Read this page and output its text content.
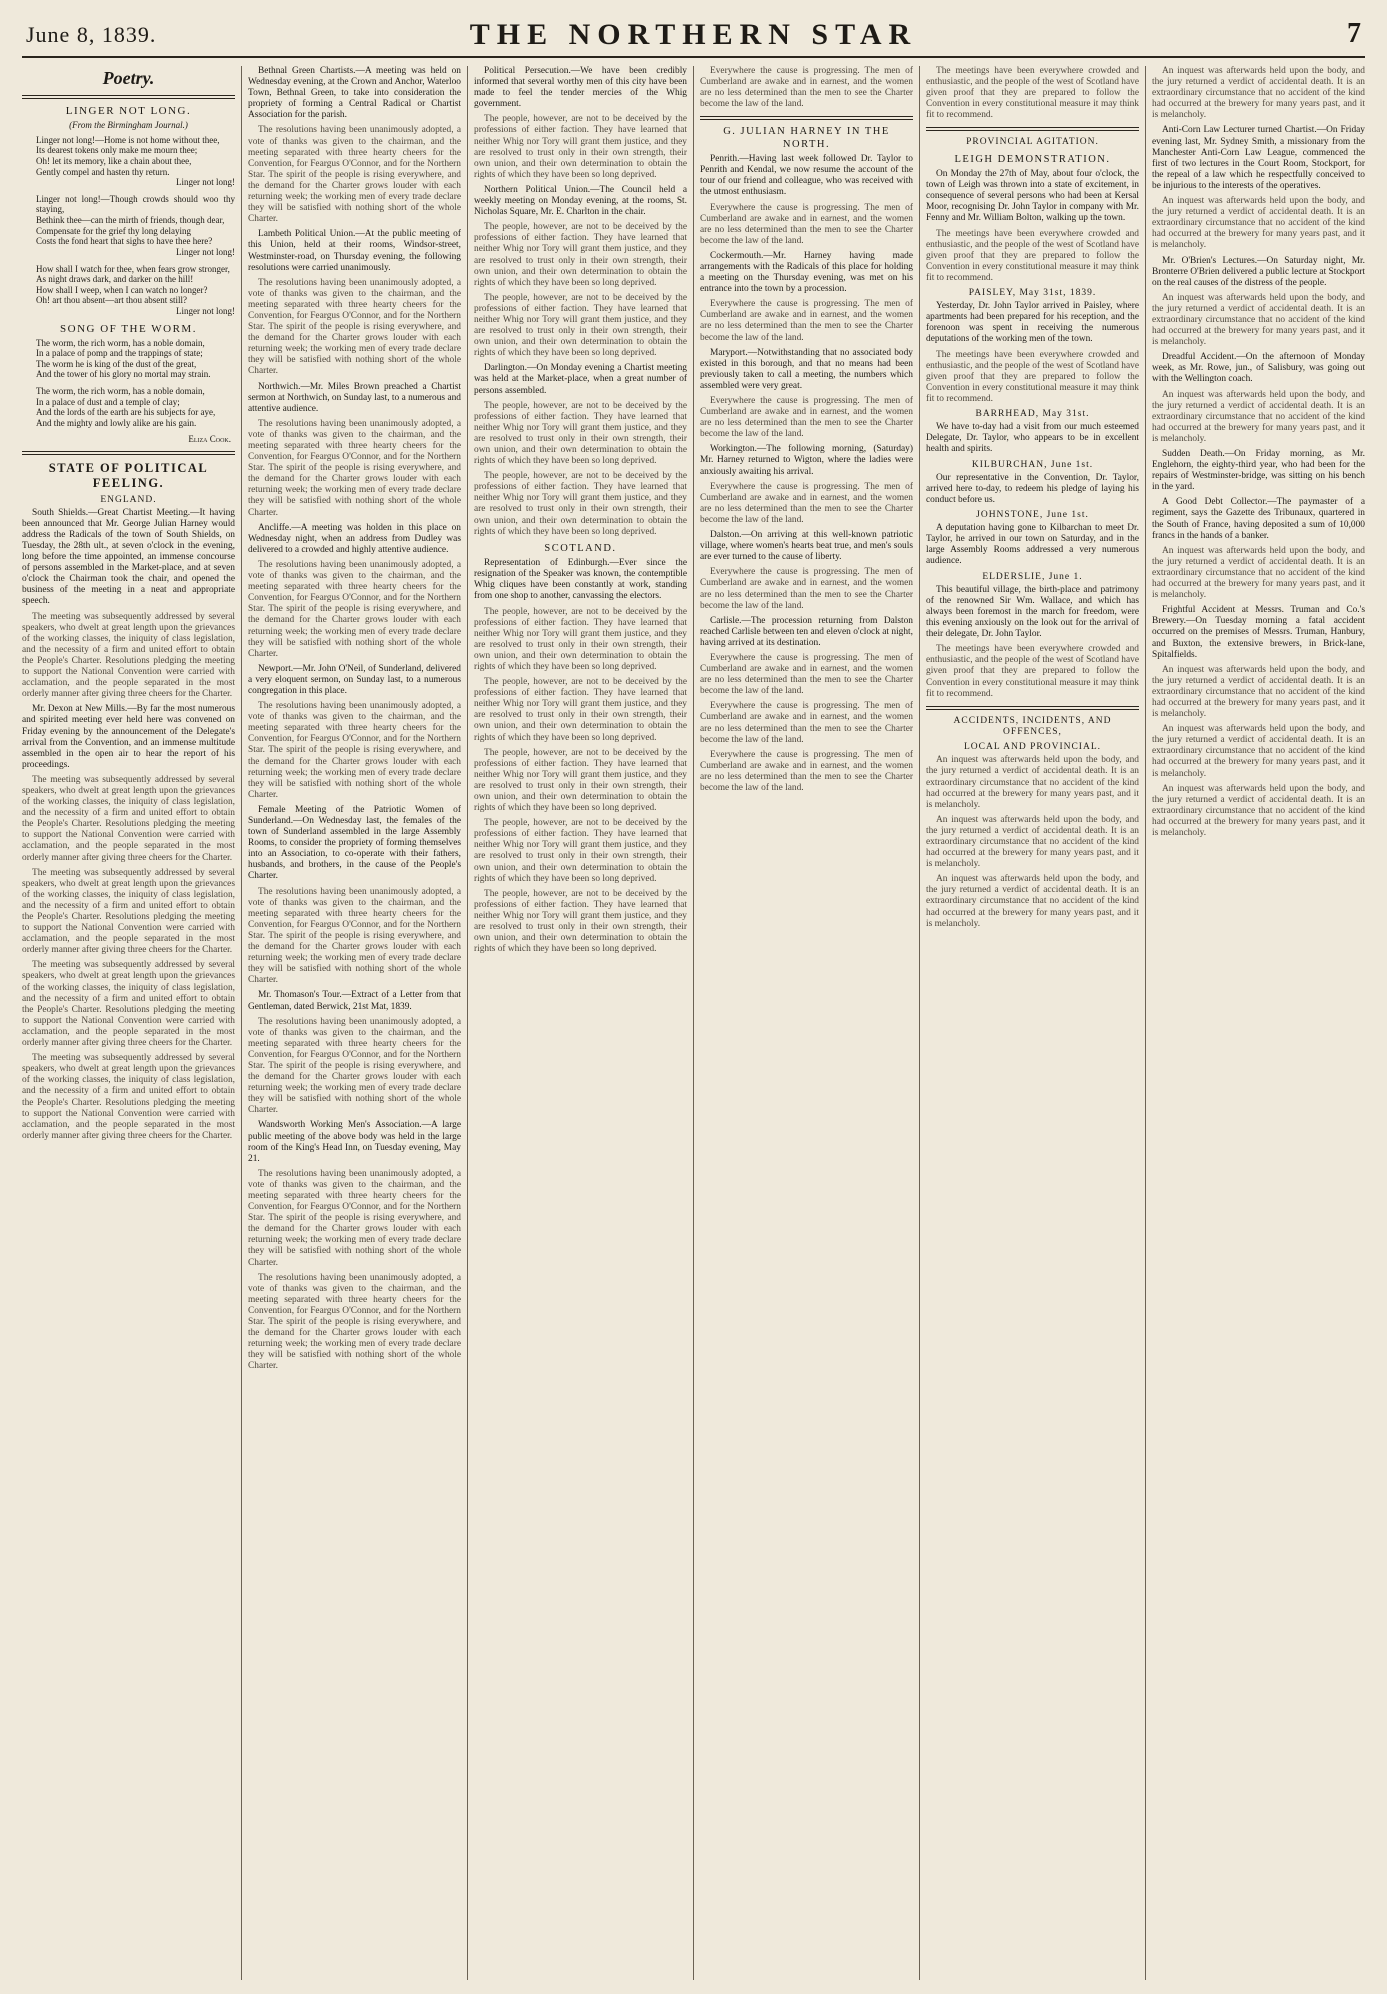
June 8, 1839.	THE NORTHERN STAR	7
Poetry.
LINGER NOT LONG.
(From the Birmingham Journal.)
Linger not long!—Home is not home without thee,
Its dearest tokens only make me mourn thee;
Oh! let its memory, like a chain about thee,
Gently compel and hasten thy return.
Linger not long!
Linger not long!—Though crowds should woo thy staying,
Bethink thee—can the mirth of friends, though dear,
Compensate for the grief thy long delaying
Costs the fond heart that sighs to have thee here?
Linger not long!
How shall I watch for thee, when fears grow stronger,
As night draws dark, and darker on the hill!
How shall I weep, when I can watch no longer?
Oh! art thou absent—art thou absent still?
Linger not long!
SONG OF THE WORM.
The worm, the rich worm, has a noble domain,
In a palace of pomp and the trappings of state;
The worm he is king of the dust of the great,
And the tower of his glory no mortal may strain.
The worm, the rich worm, has a noble domain,
In a palace of dust and a temple of clay;
And the lords of the earth are his subjects for aye,
And the mighty and lowly alike are his gain.
Eliza Cook.
STATE OF POLITICAL FEELING.
ENGLAND.

South Shields.—Great Chartist Meeting.—It having been announced that Mr. George Julian Harney would address the Radicals of the town of South Shields, on Tuesday, the 28th ult., at seven o'clock in the evening, long before the time appointed, an immense concourse of persons assembled in the Market-place, and at seven o'clock the Chairman took the chair, and opened the business of the meeting in a neat and appropriate speech.

The meeting was subsequently addressed by several speakers, who dwelt at great length upon the grievances of the working classes, the iniquity of class legislation, and the necessity of a firm and united effort to obtain the People's Charter. Resolutions pledging the meeting to support the National Convention were carried with acclamation, and the people separated in the most orderly manner after giving three cheers for the Charter.

Mr. Dexon at New Mills.—By far the most numerous and spirited meeting ever held here was convened on Friday evening by the announcement of the Delegate's arrival from the Convention, and an immense multitude assembled in the open air to hear the report of his proceedings.

The meeting was subsequently addressed by several speakers, who dwelt at great length upon the grievances of the working classes, the iniquity of class legislation, and the necessity of a firm and united effort to obtain the People's Charter. Resolutions pledging the meeting to support the National Convention were carried with acclamation, and the people separated in the most orderly manner after giving three cheers for the Charter.

The meeting was subsequently addressed by several speakers, who dwelt at great length upon the grievances of the working classes, the iniquity of class legislation, and the necessity of a firm and united effort to obtain the People's Charter. Resolutions pledging the meeting to support the National Convention were carried with acclamation, and the people separated in the most orderly manner after giving three cheers for the Charter.

The meeting was subsequently addressed by several speakers, who dwelt at great length upon the grievances of the working classes, the iniquity of class legislation, and the necessity of a firm and united effort to obtain the People's Charter. Resolutions pledging the meeting to support the National Convention were carried with acclamation, and the people separated in the most orderly manner after giving three cheers for the Charter.

The meeting was subsequently addressed by several speakers, who dwelt at great length upon the grievances of the working classes, the iniquity of class legislation, and the necessity of a firm and united effort to obtain the People's Charter. Resolutions pledging the meeting to support the National Convention were carried with acclamation, and the people separated in the most orderly manner after giving three cheers for the Charter.

Bethnal Green Chartists.—A meeting was held on Wednesday evening, at the Crown and Anchor, Waterloo Town, Bethnal Green, to take into consideration the propriety of forming a Central Radical or Chartist Association for the parish.

The resolutions having been unanimously adopted, a vote of thanks was given to the chairman, and the meeting separated with three hearty cheers for the Convention, for Feargus O'Connor, and for the Northern Star. The spirit of the people is rising everywhere, and the demand for the Charter grows louder with each returning week; the working men of every trade declare they will be satisfied with nothing short of the whole Charter.

Lambeth Political Union.—At the public meeting of this Union, held at their rooms, Windsor-street, Westminster-road, on Thursday evening, the following resolutions were carried unanimously.

The resolutions having been unanimously adopted, a vote of thanks was given to the chairman, and the meeting separated with three hearty cheers for the Convention, for Feargus O'Connor, and for the Northern Star. The spirit of the people is rising everywhere, and the demand for the Charter grows louder with each returning week; the working men of every trade declare they will be satisfied with nothing short of the whole Charter.

Northwich.—Mr. Miles Brown preached a Chartist sermon at Northwich, on Sunday last, to a numerous and attentive audience.

The resolutions having been unanimously adopted, a vote of thanks was given to the chairman, and the meeting separated with three hearty cheers for the Convention, for Feargus O'Connor, and for the Northern Star. The spirit of the people is rising everywhere, and the demand for the Charter grows louder with each returning week; the working men of every trade declare they will be satisfied with nothing short of the whole Charter.

Ancliffe.—A meeting was holden in this place on Wednesday night, when an address from Dudley was delivered to a crowded and highly attentive audience.

The resolutions having been unanimously adopted, a vote of thanks was given to the chairman, and the meeting separated with three hearty cheers for the Convention, for Feargus O'Connor, and for the Northern Star. The spirit of the people is rising everywhere, and the demand for the Charter grows louder with each returning week; the working men of every trade declare they will be satisfied with nothing short of the whole Charter.

Newport.—Mr. John O'Neil, of Sunderland, delivered a very eloquent sermon, on Sunday last, to a numerous congregation in this place.

The resolutions having been unanimously adopted, a vote of thanks was given to the chairman, and the meeting separated with three hearty cheers for the Convention, for Feargus O'Connor, and for the Northern Star. The spirit of the people is rising everywhere, and the demand for the Charter grows louder with each returning week; the working men of every trade declare they will be satisfied with nothing short of the whole Charter.

Female Meeting of the Patriotic Women of Sunderland.—On Wednesday last, the females of the town of Sunderland assembled in the large Assembly Rooms, to consider the propriety of forming themselves into an Association, to co-operate with their fathers, husbands, and brothers, in the cause of the People's Charter.

The resolutions having been unanimously adopted, a vote of thanks was given to the chairman, and the meeting separated with three hearty cheers for the Convention, for Feargus O'Connor, and for the Northern Star. The spirit of the people is rising everywhere, and the demand for the Charter grows louder with each returning week; the working men of every trade declare they will be satisfied with nothing short of the whole Charter.

Mr. Thomason's Tour.—Extract of a Letter from that Gentleman, dated Berwick, 21st Mat, 1839.

The resolutions having been unanimously adopted, a vote of thanks was given to the chairman, and the meeting separated with three hearty cheers for the Convention, for Feargus O'Connor, and for the Northern Star. The spirit of the people is rising everywhere, and the demand for the Charter grows louder with each returning week; the working men of every trade declare they will be satisfied with nothing short of the whole Charter.

Wandsworth Working Men's Association.—A large public meeting of the above body was held in the large room of the King's Head Inn, on Tuesday evening, May 21.

The resolutions having been unanimously adopted, a vote of thanks was given to the chairman, and the meeting separated with three hearty cheers for the Convention, for Feargus O'Connor, and for the Northern Star. The spirit of the people is rising everywhere, and the demand for the Charter grows louder with each returning week; the working men of every trade declare they will be satisfied with nothing short of the whole Charter.

The resolutions having been unanimously adopted, a vote of thanks was given to the chairman, and the meeting separated with three hearty cheers for the Convention, for Feargus O'Connor, and for the Northern Star. The spirit of the people is rising everywhere, and the demand for the Charter grows louder with each returning week; the working men of every trade declare they will be satisfied with nothing short of the whole Charter.

Political Persecution.—We have been credibly informed that several worthy men of this city have been made to feel the tender mercies of the Whig government.

The people, however, are not to be deceived by the professions of either faction. They have learned that neither Whig nor Tory will grant them justice, and they are resolved to trust only in their own strength, their own union, and their own determination to obtain the rights of which they have been so long deprived.

Northern Political Union.—The Council held a weekly meeting on Monday evening, at the rooms, St. Nicholas Square, Mr. E. Charlton in the chair.

The people, however, are not to be deceived by the professions of either faction. They have learned that neither Whig nor Tory will grant them justice, and they are resolved to trust only in their own strength, their own union, and their own determination to obtain the rights of which they have been so long deprived.

The people, however, are not to be deceived by the professions of either faction. They have learned that neither Whig nor Tory will grant them justice, and they are resolved to trust only in their own strength, their own union, and their own determination to obtain the rights of which they have been so long deprived.

Darlington.—On Monday evening a Chartist meeting was held at the Market-place, when a great number of persons assembled.

The people, however, are not to be deceived by the professions of either faction. They have learned that neither Whig nor Tory will grant them justice, and they are resolved to trust only in their own strength, their own union, and their own determination to obtain the rights of which they have been so long deprived.

The people, however, are not to be deceived by the professions of either faction. They have learned that neither Whig nor Tory will grant them justice, and they are resolved to trust only in their own strength, their own union, and their own determination to obtain the rights of which they have been so long deprived.

SCOTLAND.

Representation of Edinburgh.—Ever since the resignation of the Speaker was known, the contemptible Whig cliques have been constantly at work, standing from one shop to another, canvassing the electors.

The people, however, are not to be deceived by the professions of either faction. They have learned that neither Whig nor Tory will grant them justice, and they are resolved to trust only in their own strength, their own union, and their own determination to obtain the rights of which they have been so long deprived.

The people, however, are not to be deceived by the professions of either faction. They have learned that neither Whig nor Tory will grant them justice, and they are resolved to trust only in their own strength, their own union, and their own determination to obtain the rights of which they have been so long deprived.

The people, however, are not to be deceived by the professions of either faction. They have learned that neither Whig nor Tory will grant them justice, and they are resolved to trust only in their own strength, their own union, and their own determination to obtain the rights of which they have been so long deprived.

The people, however, are not to be deceived by the professions of either faction. They have learned that neither Whig nor Tory will grant them justice, and they are resolved to trust only in their own strength, their own union, and their own determination to obtain the rights of which they have been so long deprived.

The people, however, are not to be deceived by the professions of either faction. They have learned that neither Whig nor Tory will grant them justice, and they are resolved to trust only in their own strength, their own union, and their own determination to obtain the rights of which they have been so long deprived.

Everywhere the cause is progressing. The men of Cumberland are awake and in earnest, and the women are no less determined than the men to see the Charter become the law of the land.

G. JULIAN HARNEY IN THE NORTH.

Penrith.—Having last week followed Dr. Taylor to Penrith and Kendal, we now resume the account of the tour of our friend and colleague, who was received with the utmost enthusiasm.

Everywhere the cause is progressing. The men of Cumberland are awake and in earnest, and the women are no less determined than the men to see the Charter become the law of the land.

Cockermouth.—Mr. Harney having made arrangements with the Radicals of this place for holding a meeting on the Thursday evening, was met on his entrance into the town by a procession.

Everywhere the cause is progressing. The men of Cumberland are awake and in earnest, and the women are no less determined than the men to see the Charter become the law of the land.

Maryport.—Notwithstanding that no associated body existed in this borough, and that no means had been previously taken to call a meeting, the numbers which assembled were very great.

Everywhere the cause is progressing. The men of Cumberland are awake and in earnest, and the women are no less determined than the men to see the Charter become the law of the land.

Workington.—The following morning, (Saturday) Mr. Harney returned to Wigton, where the ladies were anxiously awaiting his arrival.

Everywhere the cause is progressing. The men of Cumberland are awake and in earnest, and the women are no less determined than the men to see the Charter become the law of the land.

Dalston.—On arriving at this well-known patriotic village, where women's hearts beat true, and men's souls are ever turned to the cause of liberty.

Everywhere the cause is progressing. The men of Cumberland are awake and in earnest, and the women are no less determined than the men to see the Charter become the law of the land.

Carlisle.—The procession returning from Dalston reached Carlisle between ten and eleven o'clock at night, having arrived at its destination.

Everywhere the cause is progressing. The men of Cumberland are awake and in earnest, and the women are no less determined than the men to see the Charter become the law of the land.

Everywhere the cause is progressing. The men of Cumberland are awake and in earnest, and the women are no less determined than the men to see the Charter become the law of the land.

Everywhere the cause is progressing. The men of Cumberland are awake and in earnest, and the women are no less determined than the men to see the Charter become the law of the land.

The meetings have been everywhere crowded and enthusiastic, and the people of the west of Scotland have given proof that they are prepared to follow the Convention in every constitutional measure it may think fit to recommend.

PROVINCIAL AGITATION.
LEIGH DEMONSTRATION.

On Monday the 27th of May, about four o'clock, the town of Leigh was thrown into a state of excitement, in consequence of several persons who had been at Kersal Moor, recognising Dr. John Taylor in company with Mr. Fenny and Mr. William Bolton, walking up the town.

The meetings have been everywhere crowded and enthusiastic, and the people of the west of Scotland have given proof that they are prepared to follow the Convention in every constitutional measure it may think fit to recommend.

PAISLEY, May 31st, 1839.

Yesterday, Dr. John Taylor arrived in Paisley, where apartments had been prepared for his reception, and the forenoon was spent in receiving the numerous deputations of the working men of the town.

The meetings have been everywhere crowded and enthusiastic, and the people of the west of Scotland have given proof that they are prepared to follow the Convention in every constitutional measure it may think fit to recommend.

BARRHEAD, May 31st.

We have to-day had a visit from our much esteemed Delegate, Dr. Taylor, who appears to be in excellent health and spirits.

KILBURCHAN, June 1st.

Our representative in the Convention, Dr. Taylor, arrived here to-day, to redeem his pledge of laying his conduct before us.

JOHNSTONE, June 1st.

A deputation having gone to Kilbarchan to meet Dr. Taylor, he arrived in our town on Saturday, and in the large Assembly Rooms addressed a very numerous audience.

ELDERSLIE, June 1.

This beautiful village, the birth-place and patrimony of the renowned Sir Wm. Wallace, and which has always been foremost in the march for freedom, were this evening anxiously on the look out for the arrival of their delegate, Dr. John Taylor.

The meetings have been everywhere crowded and enthusiastic, and the people of the west of Scotland have given proof that they are prepared to follow the Convention in every constitutional measure it may think fit to recommend.

ACCIDENTS, INCIDENTS, AND OFFENCES,
LOCAL AND PROVINCIAL.

An inquest was afterwards held upon the body, and the jury returned a verdict of accidental death. It is an extraordinary circumstance that no accident of the kind had occurred at the brewery for many years past, and it is melancholy.

An inquest was afterwards held upon the body, and the jury returned a verdict of accidental death. It is an extraordinary circumstance that no accident of the kind had occurred at the brewery for many years past, and it is melancholy.

An inquest was afterwards held upon the body, and the jury returned a verdict of accidental death. It is an extraordinary circumstance that no accident of the kind had occurred at the brewery for many years past, and it is melancholy.

An inquest was afterwards held upon the body, and the jury returned a verdict of accidental death. It is an extraordinary circumstance that no accident of the kind had occurred at the brewery for many years past, and it is melancholy.

Anti-Corn Law Lecturer turned Chartist.—On Friday evening last, Mr. Sydney Smith, a missionary from the Manchester Anti-Corn Law League, commenced the first of two lectures in the Court Room, Stockport, for the repeal of a law which he respectfully conceived to be injurious to the interests of the operatives.

An inquest was afterwards held upon the body, and the jury returned a verdict of accidental death. It is an extraordinary circumstance that no accident of the kind had occurred at the brewery for many years past, and it is melancholy.

Mr. O'Brien's Lectures.—On Saturday night, Mr. Bronterre O'Brien delivered a public lecture at Stockport on the real causes of the distress of the people.

An inquest was afterwards held upon the body, and the jury returned a verdict of accidental death. It is an extraordinary circumstance that no accident of the kind had occurred at the brewery for many years past, and it is melancholy.

Dreadful Accident.—On the afternoon of Monday week, as Mr. Rowe, jun., of Salisbury, was going out with the Wellington coach.

An inquest was afterwards held upon the body, and the jury returned a verdict of accidental death. It is an extraordinary circumstance that no accident of the kind had occurred at the brewery for many years past, and it is melancholy.

Sudden Death.—On Friday morning, as Mr. Englehorn, the eighty-third year, who had been for the repairs of Westminster-bridge, was sitting on his bench in the yard.

A Good Debt Collector.—The paymaster of a regiment, says the Gazette des Tribunaux, quartered in the South of France, having deposited a sum of 10,000 francs in the hands of a banker.

An inquest was afterwards held upon the body, and the jury returned a verdict of accidental death. It is an extraordinary circumstance that no accident of the kind had occurred at the brewery for many years past, and it is melancholy.

Frightful Accident at Messrs. Truman and Co.'s Brewery.—On Tuesday morning a fatal accident occurred on the premises of Messrs. Truman, Hanbury, and Buxton, the extensive brewers, in Brick-lane, Spitalfields.

An inquest was afterwards held upon the body, and the jury returned a verdict of accidental death. It is an extraordinary circumstance that no accident of the kind had occurred at the brewery for many years past, and it is melancholy.

An inquest was afterwards held upon the body, and the jury returned a verdict of accidental death. It is an extraordinary circumstance that no accident of the kind had occurred at the brewery for many years past, and it is melancholy.

An inquest was afterwards held upon the body, and the jury returned a verdict of accidental death. It is an extraordinary circumstance that no accident of the kind had occurred at the brewery for many years past, and it is melancholy.
